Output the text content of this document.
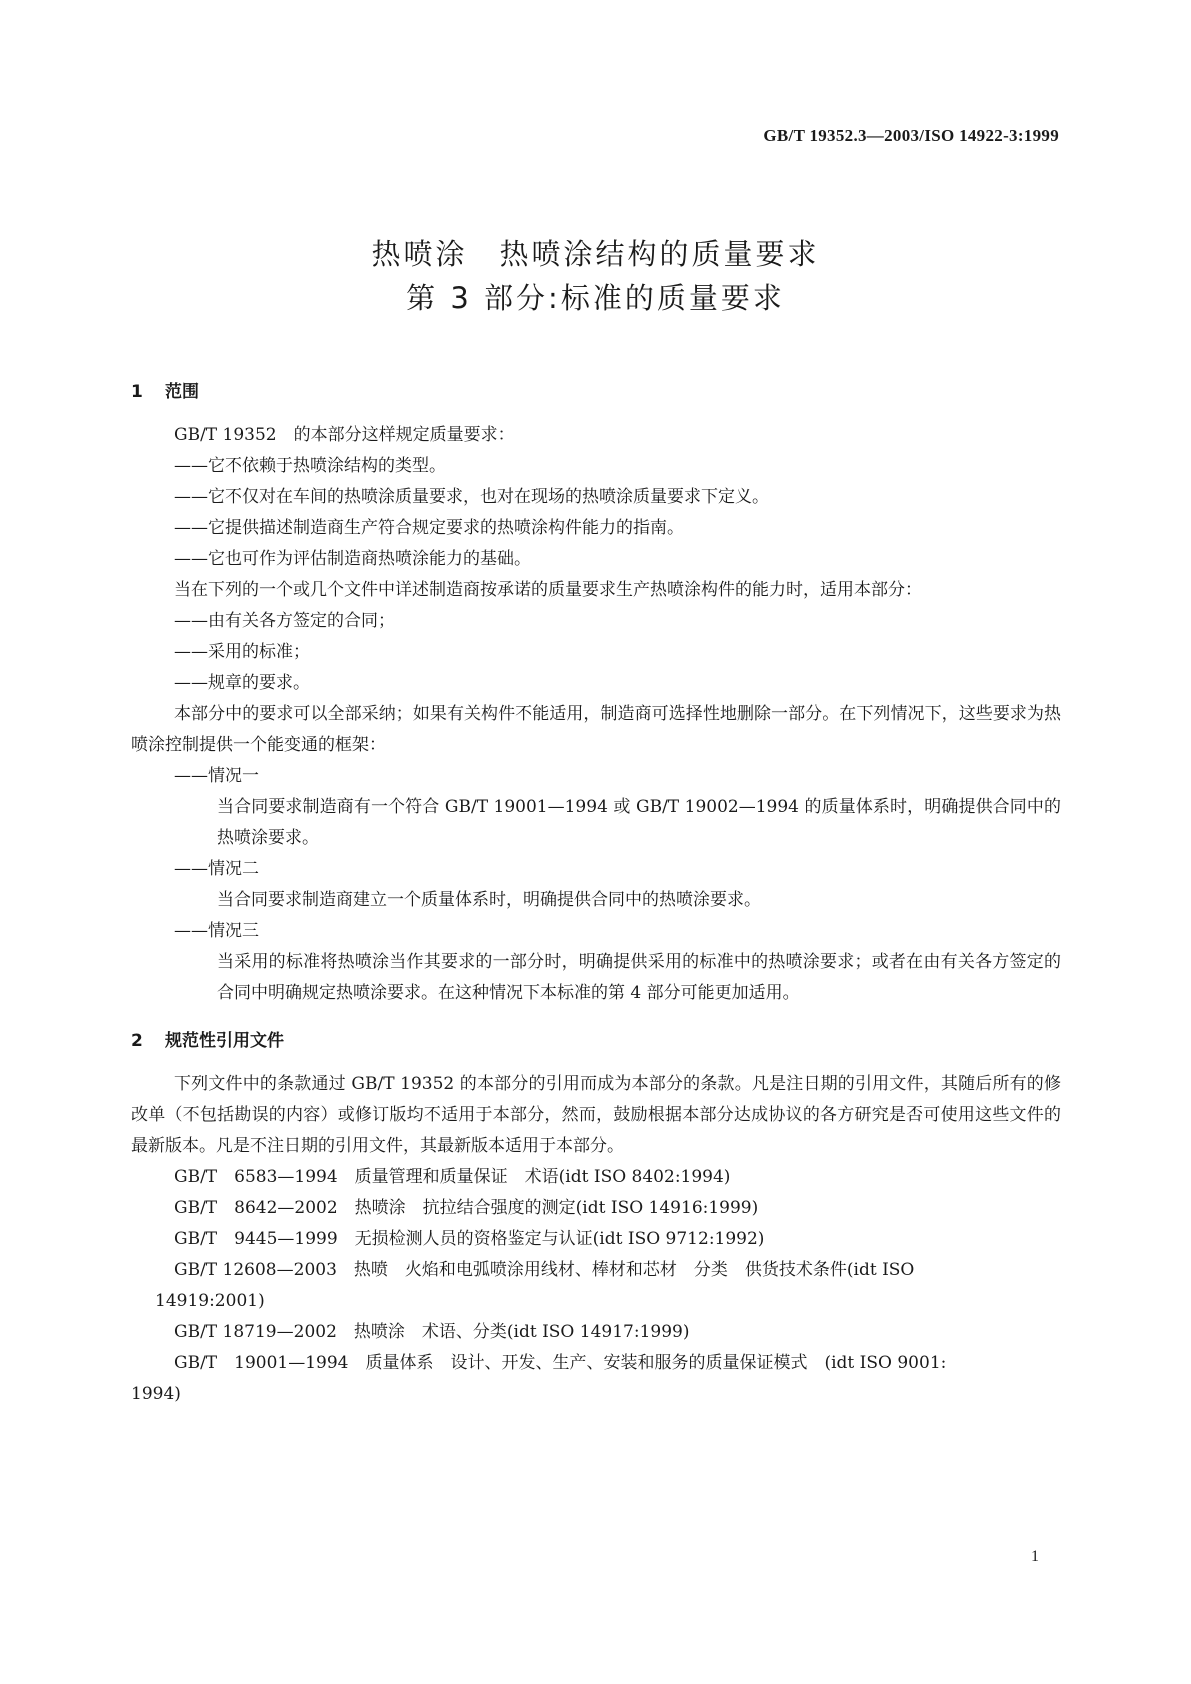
GB/T 19352.3—2003/ISO 14922-3:1999
热喷涂　热喷涂结构的质量要求
第 3 部分:标准的质量要求
1 范围
GB/T 19352　的本部分这样规定质量要求：
——它不依赖于热喷涂结构的类型。
——它不仅对在车间的热喷涂质量要求，也对在现场的热喷涂质量要求下定义。
——它提供描述制造商生产符合规定要求的热喷涂构件能力的指南。
——它也可作为评估制造商热喷涂能力的基础。
当在下列的一个或几个文件中详述制造商按承诺的质量要求生产热喷涂构件的能力时，适用本部分：
——由有关各方签定的合同；
——采用的标准；
——规章的要求。
本部分中的要求可以全部采纳；如果有关构件不能适用，制造商可选择性地删除一部分。在下列情况下，这些要求为热喷涂控制提供一个能变通的框架：
——情况一
当合同要求制造商有一个符合 GB/T 19001—1994 或 GB/T 19002—1994 的质量体系时，明确提供合同中的热喷涂要求。
——情况二
当合同要求制造商建立一个质量体系时，明确提供合同中的热喷涂要求。
——情况三
当采用的标准将热喷涂当作其要求的一部分时，明确提供采用的标准中的热喷涂要求；或者在由有关各方签定的合同中明确规定热喷涂要求。在这种情况下本标准的第 4 部分可能更加适用。
2 规范性引用文件
下列文件中的条款通过 GB/T 19352 的本部分的引用而成为本部分的条款。凡是注日期的引用文件，其随后所有的修改单（不包括勘误的内容）或修订版均不适用于本部分，然而，鼓励根据本部分达成协议的各方研究是否可使用这些文件的最新版本。凡是不注日期的引用文件，其最新版本适用于本部分。
GB/T　6583—1994　质量管理和质量保证　术语(idt ISO 8402:1994)
GB/T　8642—2002　热喷涂　抗拉结合强度的测定(idt ISO 14916:1999)
GB/T　9445—1999　无损检测人员的资格鉴定与认证(idt ISO 9712:1992)
GB/T 12608—2003　热喷　火焰和电弧喷涂用线材、棒材和芯材　分类　供货技术条件(idt ISO
14919:2001)
GB/T 18719—2002　热喷涂　术语、分类(idt ISO 14917:1999)
GB/T　19001—1994　质量体系　设计、开发、生产、安装和服务的质量保证模式　(idt ISO 9001:
1994)
1
